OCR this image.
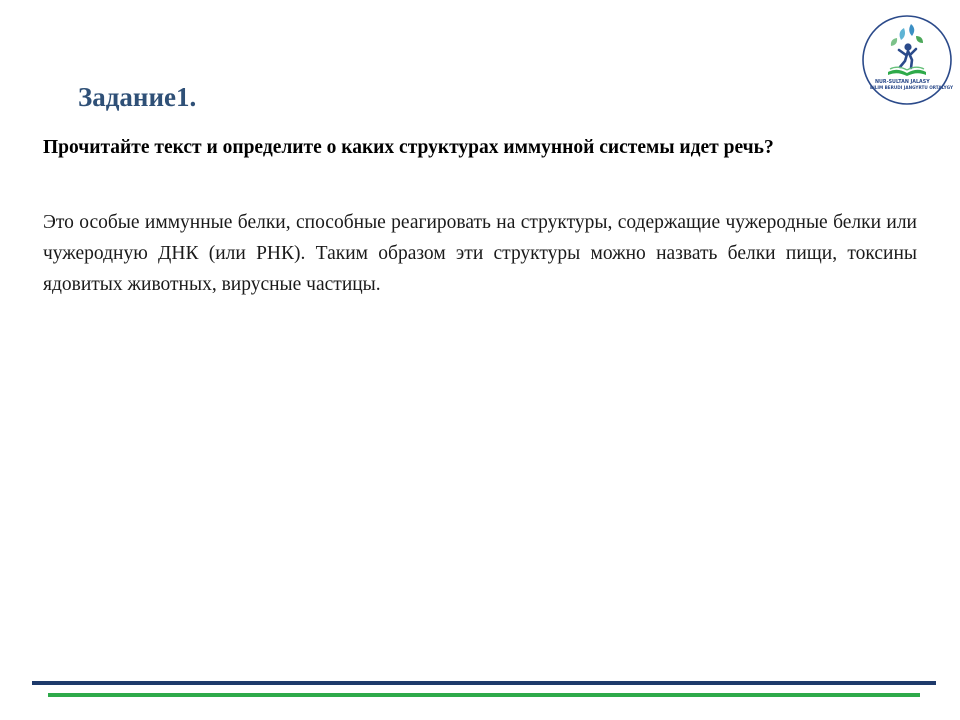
NUR-SULTAN JALASY
BILIM BERUDI JANGYRTU ORTALYGY
Задание1.

Прочитайте текст и определите о каких структурах иммунной системы идет речь?

Это особые иммунные белки, способные реагировать на структуры, содержащие чужеродные белки или чужеродную ДНК (или РНК). Таким образом эти структуры можно назвать белки пищи, токсины ядовитых животных, вирусные частицы.
